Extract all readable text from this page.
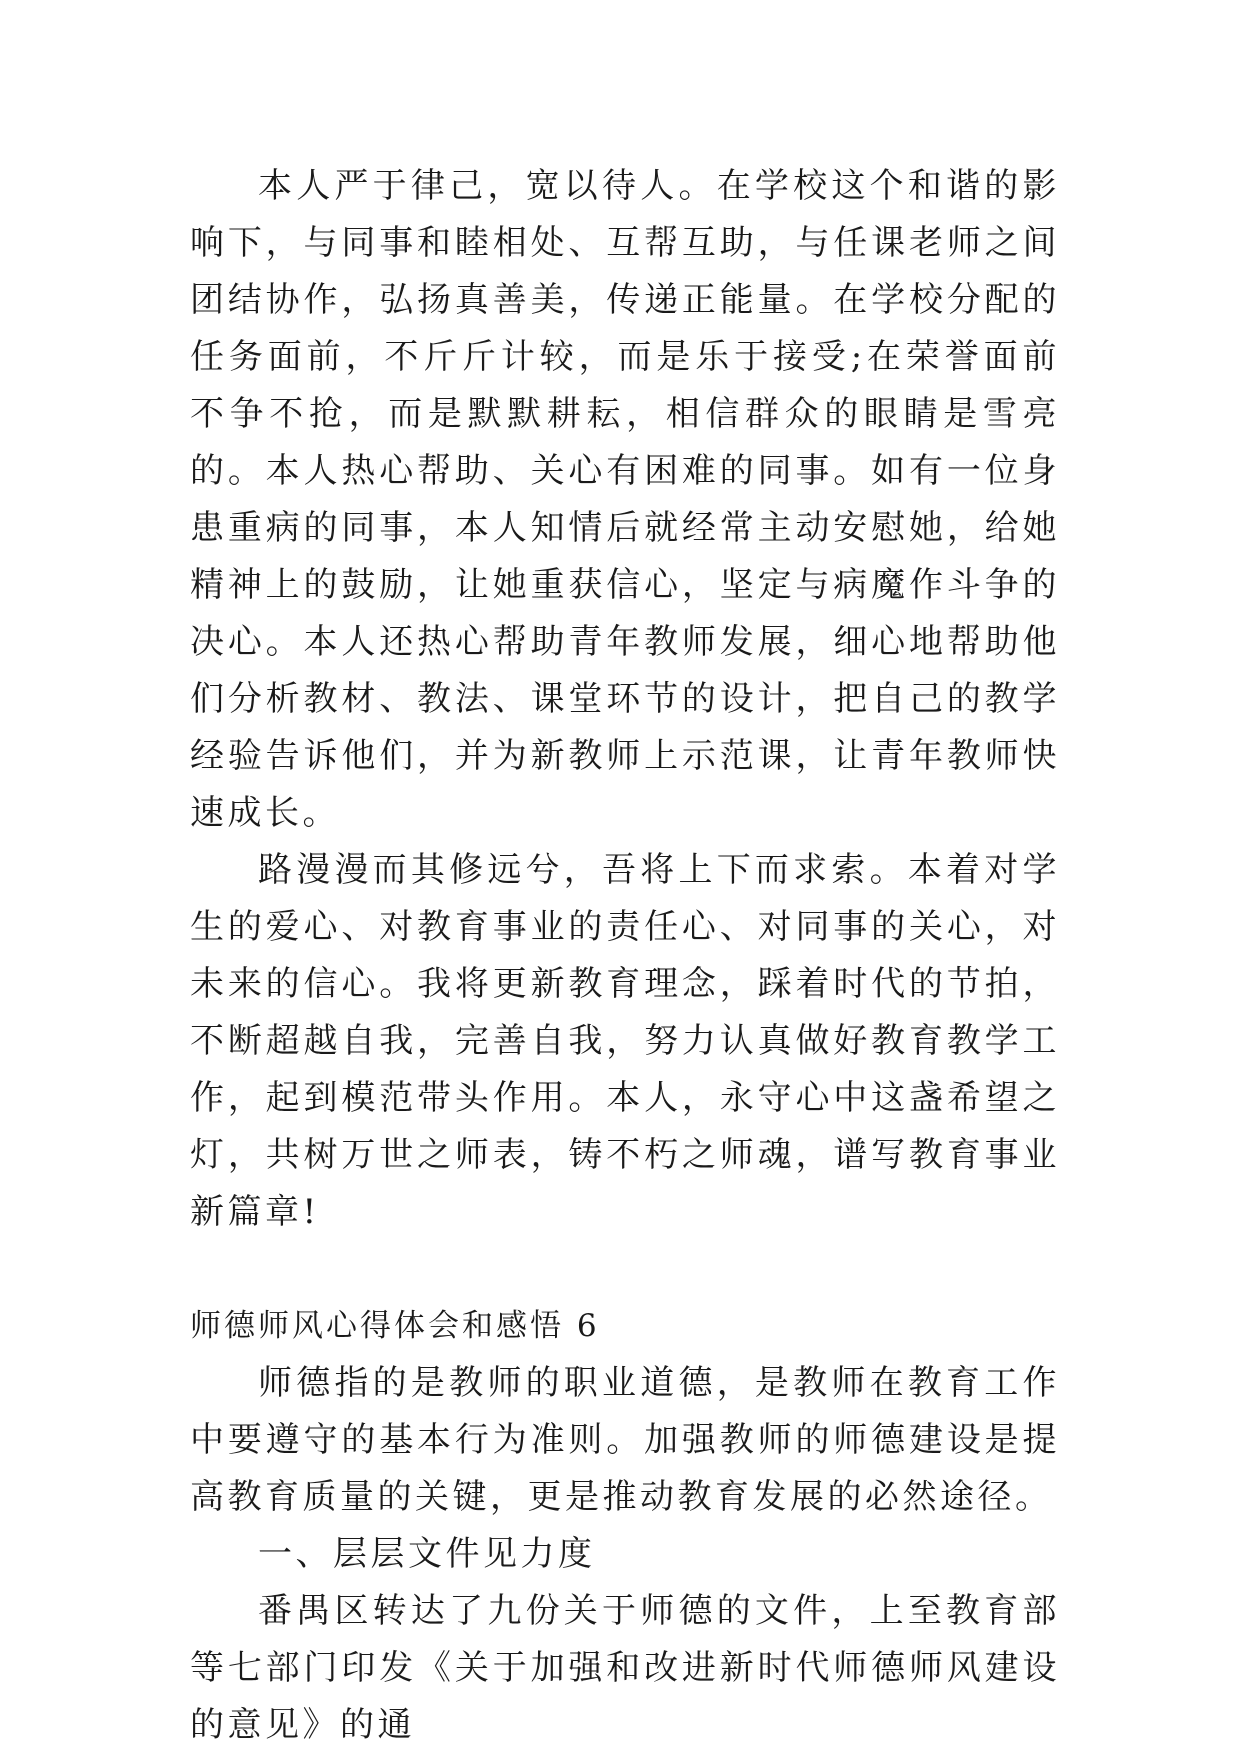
本人严于律己，宽以待人。在学校这个和谐的影响下，与同事和睦相处、互帮互助，与任课老师之间团结协作，弘扬真善美，传递正能量。在学校分配的任务面前，不斤斤计较，而是乐于接受;在荣誉面前不争不抢，而是默默耕耘，相信群众的眼睛是雪亮的。本人热心帮助、关心有困难的同事。如有一位身患重病的同事，本人知情后就经常主动安慰她，给她精神上的鼓励，让她重获信心，坚定与病魔作斗争的决心。本人还热心帮助青年教师发展，细心地帮助他们分析教材、教法、课堂环节的设计，把自己的教学经验告诉他们，并为新教师上示范课，让青年教师快速成长。

路漫漫而其修远兮，吾将上下而求索。本着对学生的爱心、对教育事业的责任心、对同事的关心，对未来的信心。我将更新教育理念，踩着时代的节拍，不断超越自我，完善自我，努力认真做好教育教学工作，起到模范带头作用。本人，永守心中这盏希望之灯，共树万世之师表，铸不朽之师魂，谱写教育事业新篇章!

师德师风心得体会和感悟 6

师德指的是教师的职业道德，是教师在教育工作中要遵守的基本行为准则。加强教师的师德建设是提高教育质量的关键，更是推动教育发展的必然途径。

一、层层文件见力度

番禺区转达了九份关于师德的文件，上至教育部等七部门印发《关于加强和改进新时代师德师风建设的意见》的通
